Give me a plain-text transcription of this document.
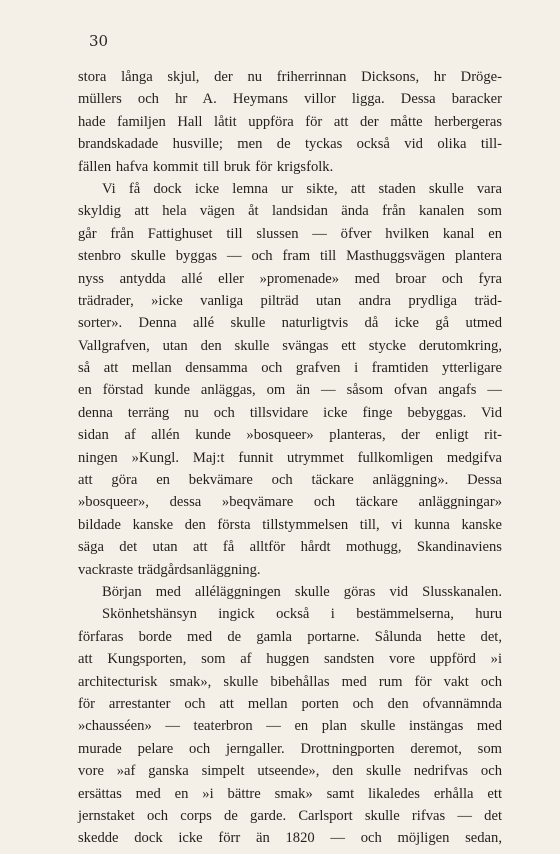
30
stora långa skjul, der nu friherrinnan Dicksons, hr Dröge-
müllers och hr A. Heymans villor ligga. Dessa baracker
hade familjen Hall låtit uppföra för att der måtte herbergeras
brandskadade husville; men de tyckas också vid olika till-
fällen hafva kommit till bruk för krigsfolk.
Vi få dock icke lemna ur sikte, att staden skulle vara
skyldig att hela vägen åt landsidan ända från kanalen som
går från Fattighuset till slussen — öfver hvilken kanal en
stenbro skulle byggas — och fram till Masthuggsvägen plantera
nyss antydda allé eller »promenade» med broar och fyra
trädrader, »icke vanliga pilträd utan andra prydliga träd-
sorter». Denna allé skulle naturligtvis då icke gå utmed
Vallgrafven, utan den skulle svängas ett stycke derutomkring,
så att mellan densamma och grafven i framtiden ytterligare
en förstad kunde anläggas, om än — såsom ofvan angafs —
denna terräng nu och tillsvidare icke finge bebyggas. Vid
sidan af allén kunde »bosqueer» planteras, der enligt rit-
ningen »Kungl. Maj:t funnit utrymmet fullkomligen medgifva
att göra en bekvämare och täckare anläggning». Dessa
»bosqueer», dessa »beqvämare och täckare anläggningar»
bildade kanske den första tillstymmelsen till, vi kunna kanske
säga det utan att få alltför hårdt mothugg, Skandinaviens
vackraste trädgårdsanläggning.
Början med alléläggningen skulle göras vid Slusskanalen.
Skönhetshänsyn ingick också i bestämmelserna, huru
förfaras borde med de gamla portarne. Sålunda hette det,
att Kungsporten, som af huggen sandsten vore uppförd »i
architecturisk smak», skulle bibehållas med rum för vakt och
för arrestanter och att mellan porten och den ofvannämnda
»chausséen» — teaterbron — en plan skulle instängas med
murade pelare och jerngaller. Drottningporten deremot, som
vore »af ganska simpelt utseende», den skulle nedrifvas och
ersättas med en »i bättre smak» samt likaledes erhålla ett
jernstaket och corps de garde. Carlsport skulle rifvas — det
skedde dock icke förr än 1820 — och möjligen sedan,
